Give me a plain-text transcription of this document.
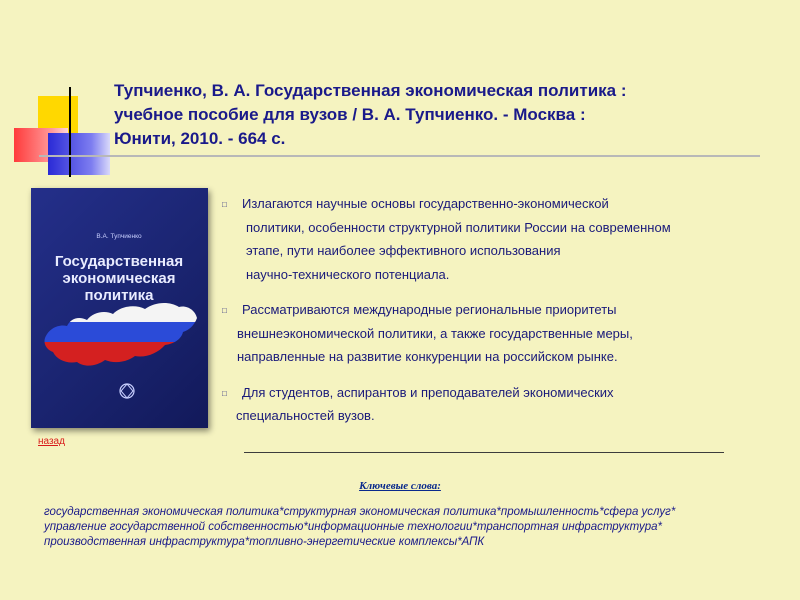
Тупчиенко, В. А. Государственная экономическая политика :
учебное пособие для вузов / В. А. Тупчиенко. - Москва :
Юнити, 2010. - 664 с.
В.А. Тупчиенко
Государственная
экономическая
политика
□	Излагаются научные основы государственно-экономической
политики, особенности структурной политики России на современном
этапе, пути наиболее эффективного использования
научно-технического потенциала.
□	Рассматриваются международные региональные приоритеты
внешнеэкономической политики, а также государственные меры,
направленные на развитие конкуренции на российском рынке.
□	Для студентов, аспирантов и преподавателей экономических
специальностей вузов.
назад

Ключевые слова:

государственная экономическая политика*структурная экономическая политика*промышленность*сфера услуг*
управление государственной собственностью*информационные технологии*транспортная инфраструктура*
производственная инфраструктура*топливно-энергетические комплексы*АПК
